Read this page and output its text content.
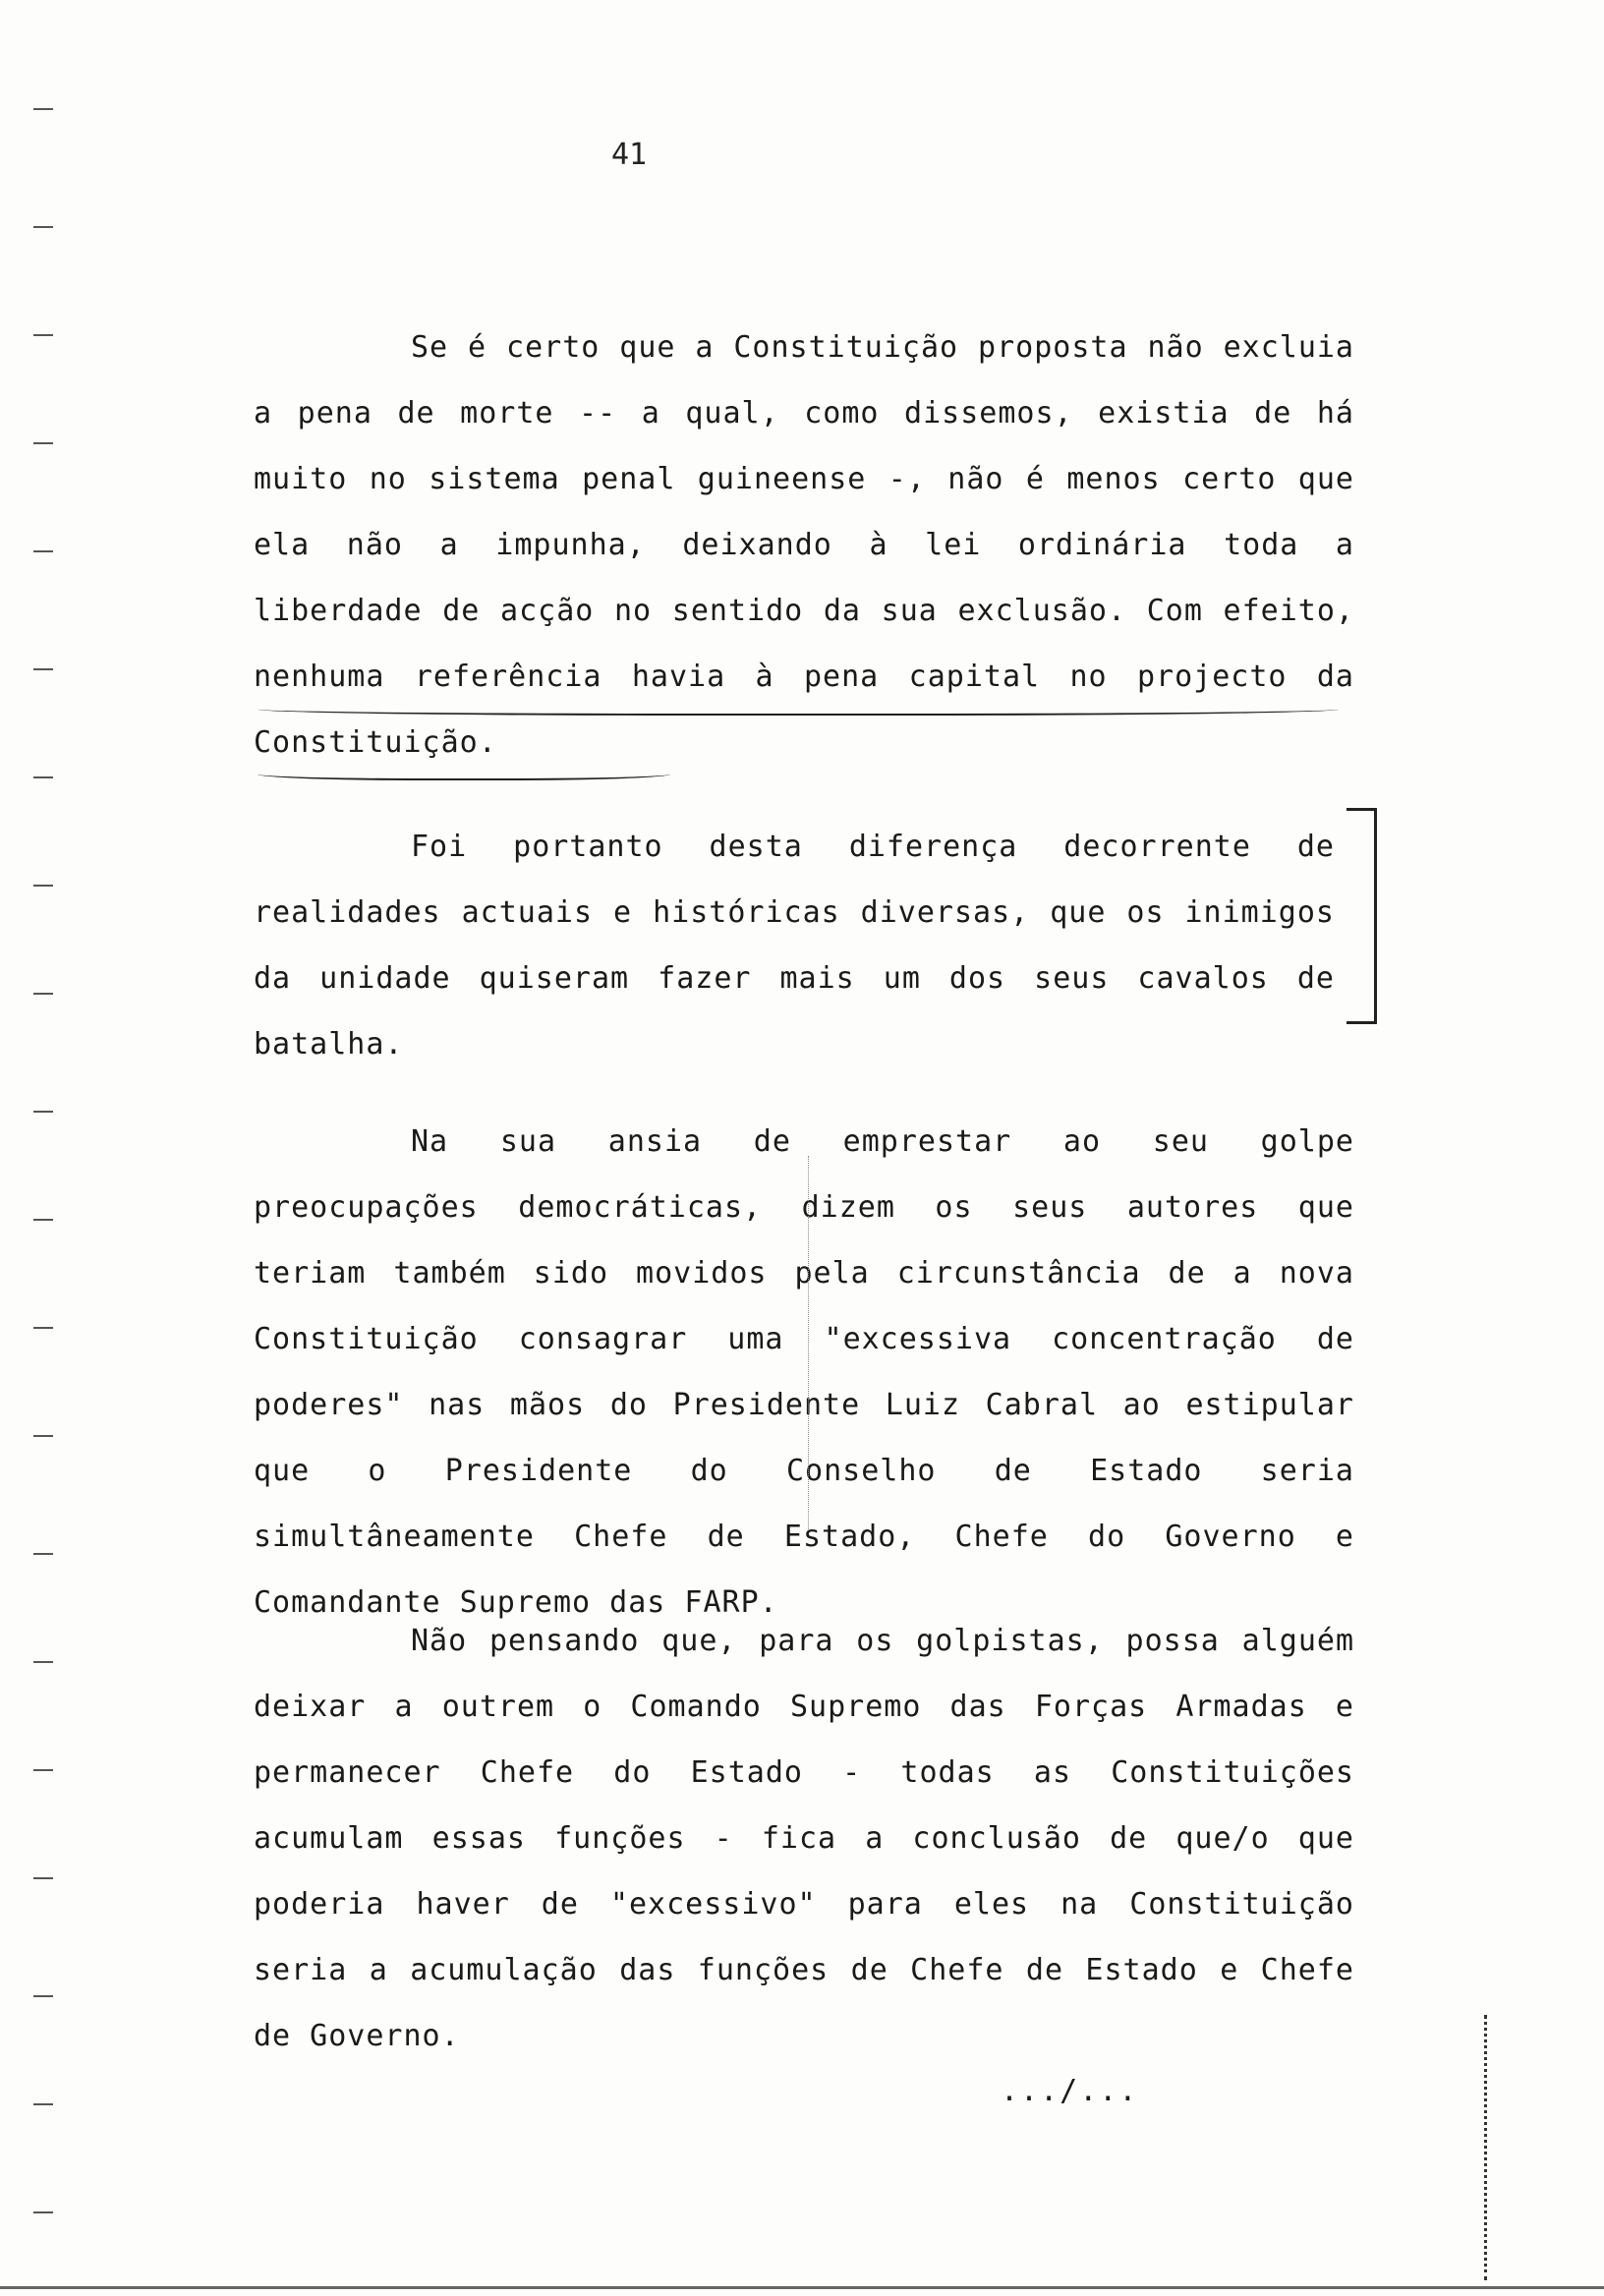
41

Se é certo que a Constituição proposta não excluia a pena de morte -- a qual, como dissemos, existia de há muito no sistema penal guineense -, não é menos certo que ela não a impunha, deixando à lei ordinária toda a liberdade de acção no sentido da sua exclusão. Com efeito, nenhuma referência havia à pena capital no projecto da Constituição.

Foi portanto desta diferença decorrente de realidades actuais e históricas diversas, que os inimigos da unidade quiseram fazer mais um dos seus cavalos de batalha.

Na sua ansia de emprestar ao seu golpe preocupações democráticas, dizem os seus autores que teriam também sido movidos pela circunstância de a nova Constituição consagrar uma "excessiva concentração de poderes" nas mãos do Presidente Luiz Cabral ao estipular que o Presidente do Conselho de Estado seria simultâneamente Chefe de Estado, Chefe do Governo e Comandante Supremo das FARP.

Não pensando que, para os golpistas, possa alguém deixar a outrem o Comando Supremo das Forças Armadas e permanecer Chefe do Estado - todas as Constituições acumulam essas funções - fica a conclusão de que/o que poderia haver de "excessivo" para eles na Constituição seria a acumulação das funções de Chefe de Estado e Chefe de Governo.

.../...
